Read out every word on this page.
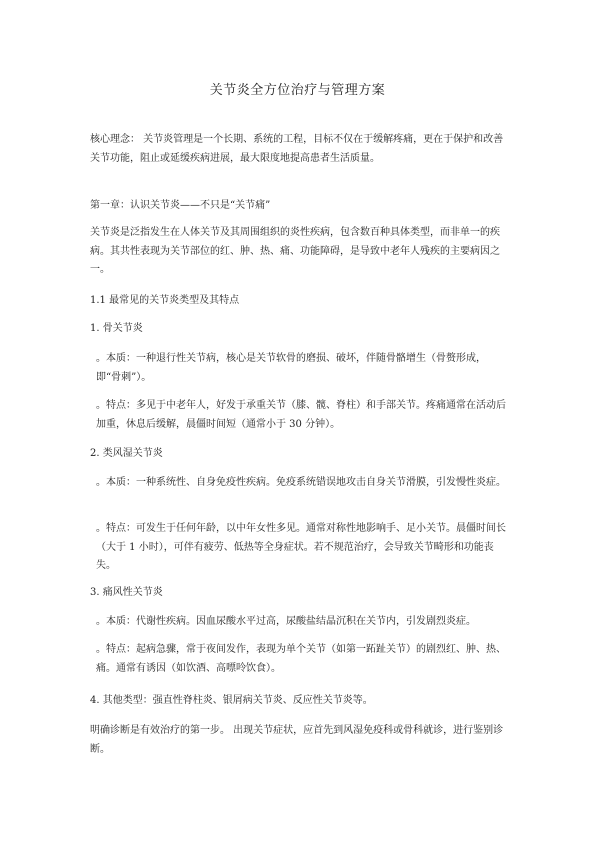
关节炎全方位治疗与管理方案

核心理念： 关节炎管理是一个长期、系统的工程，目标不仅在于缓解疼痛，更在于保护和改善关节功能，阻止或延缓疾病进展，最大限度地提高患者生活质量。

第一章：认识关节炎——不只是“关节痛”

关节炎是泛指发生在人体关节及其周围组织的炎性疾病，包含数百种具体类型，而非单一的疾病。其共性表现为关节部位的红、肿、热、痛、功能障碍，是导致中老年人残疾的主要病因之一。

1.1 最常见的关节炎类型及其特点

1. 骨关节炎

。本质：一种退行性关节病，核心是关节软骨的磨损、破坏，伴随骨骼增生（骨赘形成，即“骨刺”）。

。特点：多见于中老年人，好发于承重关节（膝、髋、脊柱）和手部关节。疼痛通常在活动后加重，休息后缓解，晨僵时间短（通常小于 30 分钟）。

2. 类风湿关节炎

。本质：一种系统性、自身免疫性疾病。免疫系统错误地攻击自身关节滑膜，引发慢性炎症。

。特点：可发生于任何年龄，以中年女性多见。通常对称性地影响手、足小关节。晨僵时间长（大于 1 小时），可伴有疲劳、低热等全身症状。若不规范治疗，会导致关节畸形和功能丧失。

3. 痛风性关节炎

。本质：代谢性疾病。因血尿酸水平过高，尿酸盐结晶沉积在关节内，引发剧烈炎症。

。特点：起病急骤，常于夜间发作，表现为单个关节（如第一跖趾关节）的剧烈红、肿、热、痛。通常有诱因（如饮酒、高嘌呤饮食）。

4. 其他类型：强直性脊柱炎、银屑病关节炎、反应性关节炎等。

明确诊断是有效治疗的第一步。 出现关节症状，应首先到风湿免疫科或骨科就诊，进行鉴别诊断。
